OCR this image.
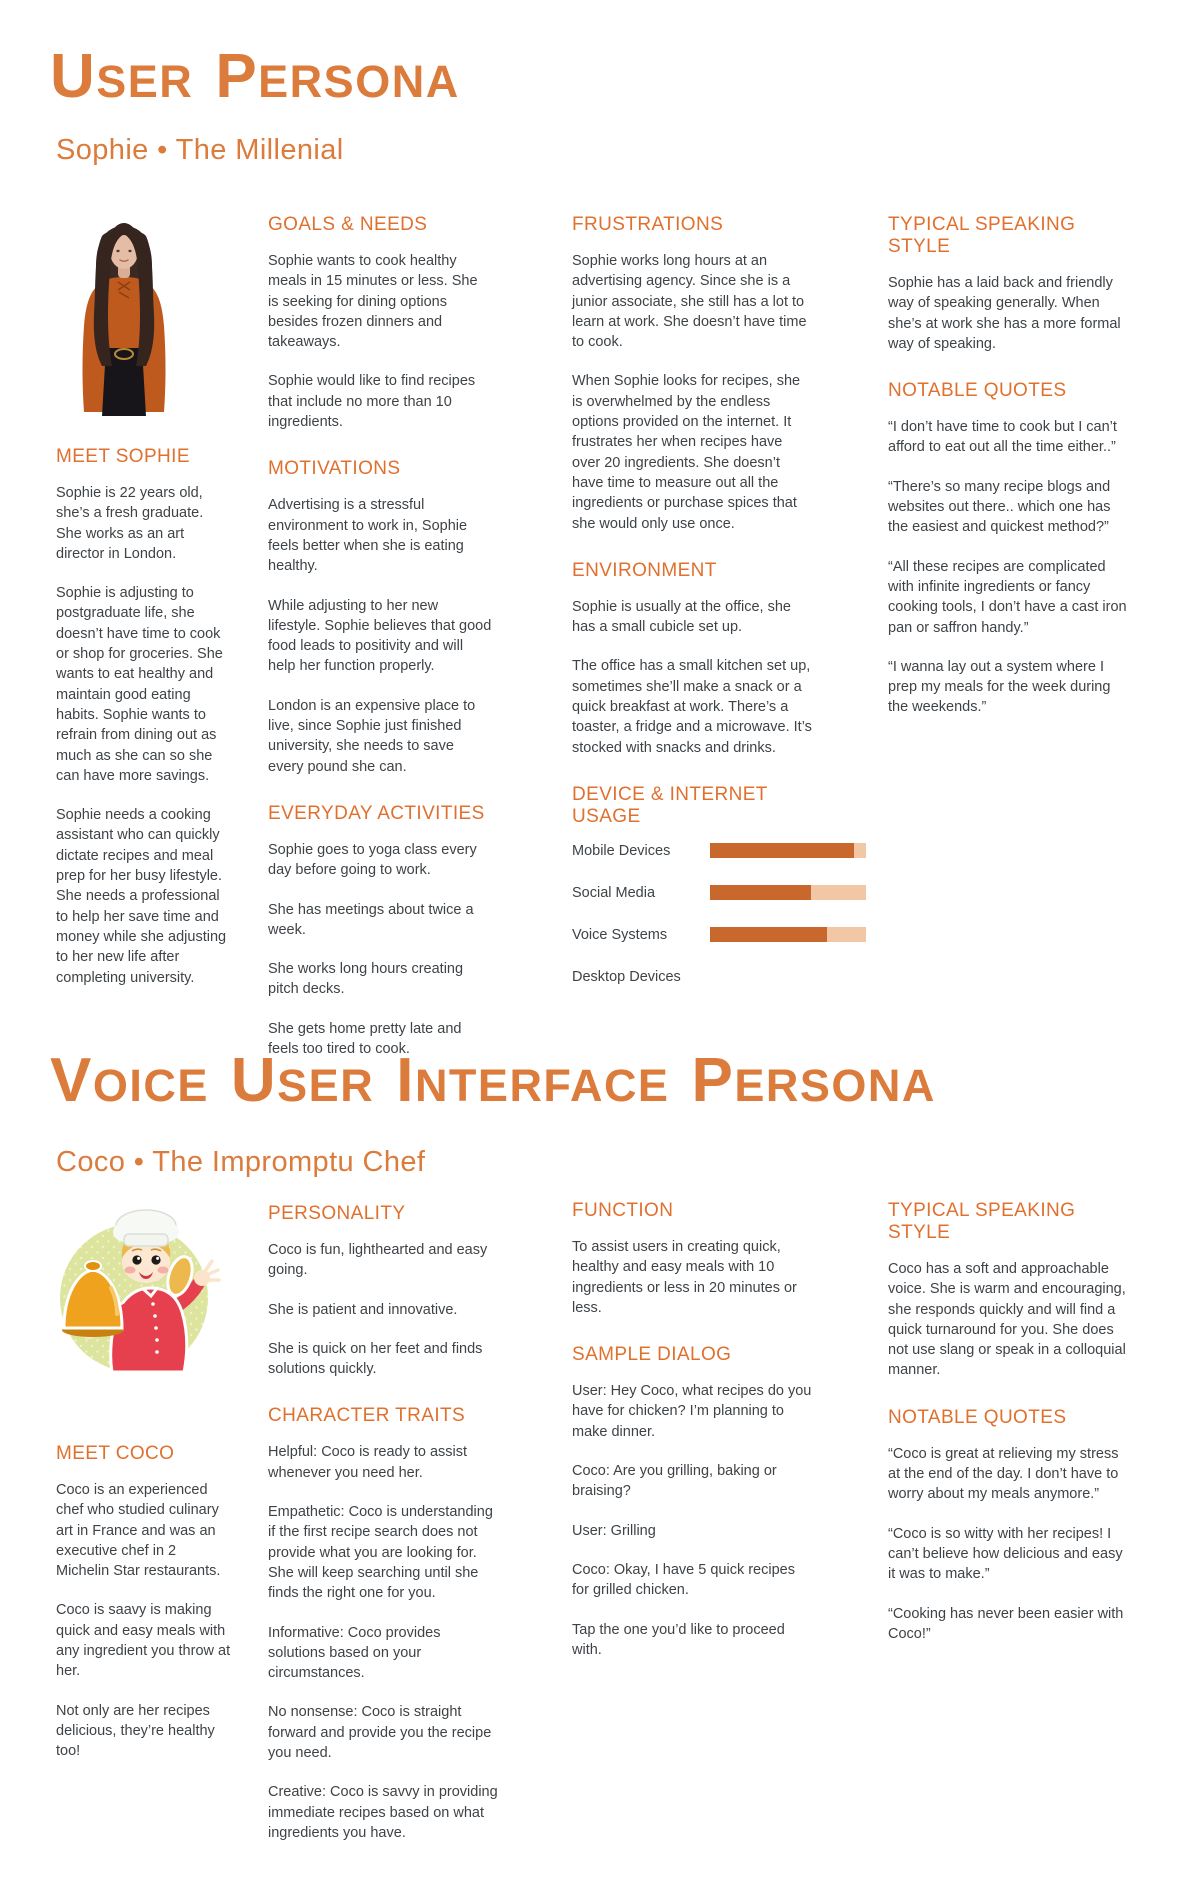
USER PERSONA
Sophie • The Millenial
MEET SOPHIE

Sophie is 22 years old, she’s a fresh graduate. She works as an art director in London.

Sophie is adjusting to postgraduate life, she doesn’t have time to cook or shop for groceries. She wants to eat healthy and maintain good eating habits. Sophie wants to refrain from dining out as much as she can so she can have more savings.

Sophie needs a cooking assistant who can quickly dictate recipes and meal prep for her busy lifestyle. She needs a professional to help her save time and money while she adjusting to her new life after completing university.

GOALS & NEEDS

Sophie wants to cook healthy meals in 15 minutes or less. She is seeking for dining options besides frozen dinners and takeaways.

Sophie would like to find recipes that include no more than 10 ingredients.

MOTIVATIONS

Advertising is a stressful environment to work in, Sophie feels better when she is eating healthy.

While adjusting to her new lifestyle. Sophie believes that good food leads to positivity and will help her function properly.

London is an expensive place to live, since Sophie just finished university, she needs to save every pound she can.

EVERYDAY ACTIVITIES

Sophie goes to yoga class every day before going to work.

She has meetings about twice a week.

She works long hours creating pitch decks.

She gets home pretty late and feels too tired to cook.

FRUSTRATIONS

Sophie works long hours at an advertising agency. Since she is a junior associate, she still has a lot to learn at work. She doesn’t have time to cook.

When Sophie looks for recipes, she is overwhelmed by the endless options provided on the internet. It frustrates her when recipes have over 20 ingredients. She doesn’t have time to measure out all the ingredients or purchase spices that she would only use once.

ENVIRONMENT

Sophie is usually at the office, she has a small cubicle set up.

The office has a small kitchen set up, sometimes she’ll make a snack or a quick breakfast at work. There’s a toaster, a fridge and a microwave. It’s stocked with snacks and drinks.

DEVICE & INTERNET USAGE
Mobile Devices
Social Media
Voice Systems
Desktop Devices
TYPICAL SPEAKING STYLE

Sophie has a laid back and friendly way of speaking generally. When she’s at work she has a more formal way of speaking.

NOTABLE QUOTES

“I don’t have time to cook but I can’t afford to eat out all the time either..”

“There’s so many recipe blogs and websites out there.. which one has the easiest and quickest method?”

“All these recipes are complicated with infinite ingredients or fancy cooking tools, I don’t have a cast iron pan or saffron handy.”

“I wanna lay out a system where I prep my meals for the week during the weekends.”

VOICE USER INTERFACE PERSONA
Coco • The Impromptu Chef
MEET COCO

Coco is an experienced chef who studied culinary art in France and was an executive chef in 2 Michelin Star restaurants.

Coco is saavy is making quick and easy meals with any ingredient you throw at her.

Not only are her recipes delicious, they’re healthy too!

PERSONALITY

Coco is fun, lighthearted and easy going.

She is patient and innovative.

She is quick on her feet and finds solutions quickly.

CHARACTER TRAITS

Helpful: Coco is ready to assist whenever you need her.

Empathetic: Coco is understanding if the first recipe search does not provide what you are looking for. She will keep searching until she finds the right one for you.

Informative: Coco provides solutions based on your circumstances.

No nonsense: Coco is straight forward and provide you the recipe you need.

Creative: Coco is savvy in providing immediate recipes based on what ingredients you have.

FUNCTION

To assist users in creating quick, healthy and easy meals with 10 ingredients or less in 20 minutes or less.

SAMPLE DIALOG

User: Hey Coco, what recipes do you have for chicken? I’m planning to make dinner.

Coco: Are you grilling, baking or braising?

User: Grilling

Coco: Okay, I have 5 quick recipes for grilled chicken.

Tap the one you’d like to proceed with.

TYPICAL SPEAKING STYLE

Coco has a soft and approachable voice. She is warm and encouraging, she responds quickly and will find a quick turnaround for you. She does not use slang or speak in a colloquial manner.

NOTABLE QUOTES

“Coco is great at relieving my stress at the end of the day. I don’t have to worry about my meals anymore.”

“Coco is so witty with her recipes! I can’t believe how delicious and easy it was to make.”

“Cooking has never been easier with Coco!”
